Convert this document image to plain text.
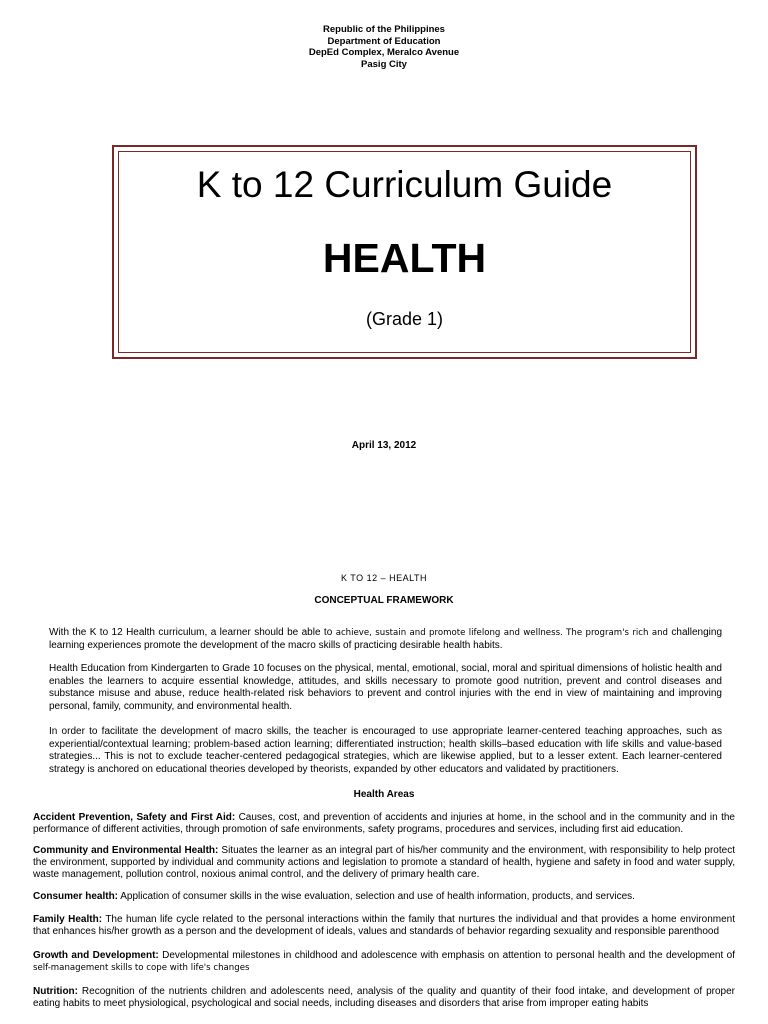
Republic of the Philippines
Department of Education
DepEd Complex, Meralco Avenue
Pasig City
K to 12 Curriculum Guide
HEALTH
(Grade 1)
April 13, 2012
K TO 12 – HEALTH
CONCEPTUAL FRAMEWORK
With the K to 12 Health curriculum, a learner should be able to achieve, sustain and promote lifelong and wellness. The program's rich and challenging learning experiences promote the development of the macro skills of practicing desirable health habits.
Health Education from Kindergarten to Grade 10 focuses on the physical, mental, emotional, social, moral and spiritual dimensions of holistic health and enables the learners to acquire essential knowledge, attitudes, and skills necessary to promote good nutrition, prevent and control diseases and substance misuse and abuse, reduce health-related risk behaviors to prevent and control injuries with the end in view of maintaining and improving personal, family, community, and environmental health.
In order to facilitate the development of macro skills, the teacher is encouraged to use appropriate learner-centered teaching approaches, such as experiential/contextual learning; problem-based action learning; differentiated instruction; health skills–based education with life skills and value-based strategies... This is not to exclude teacher-centered pedagogical strategies, which are likewise applied, but to a lesser extent. Each learner-centered strategy is anchored on educational theories developed by theorists, expanded by other educators and validated by practitioners.
Health Areas
Accident Prevention, Safety and First Aid: Causes, cost, and prevention of accidents and injuries at home, in the school and in the community and in the performance of different activities, through promotion of safe environments, safety programs, procedures and services, including first aid education.
Community and Environmental Health: Situates the learner as an integral part of his/her community and the environment, with responsibility to help protect the environment, supported by individual and community actions and legislation to promote a standard of health, hygiene and safety in food and water supply, waste management, pollution control, noxious animal control, and the delivery of primary health care.
Consumer health: Application of consumer skills in the wise evaluation, selection and use of health information, products, and services.
Family Health: The human life cycle related to the personal interactions within the family that nurtures the individual and that provides a home environment that enhances his/her growth as a person and the development of ideals, values and standards of behavior regarding sexuality and responsible parenthood
Growth and Development: Developmental milestones in childhood and adolescence with emphasis on attention to personal health and the development of self-management skills to cope with life's changes
Nutrition: Recognition of the nutrients children and adolescents need, analysis of the quality and quantity of their food intake, and development of proper eating habits to meet physiological, psychological and social needs, including diseases and disorders that arise from improper eating habits
